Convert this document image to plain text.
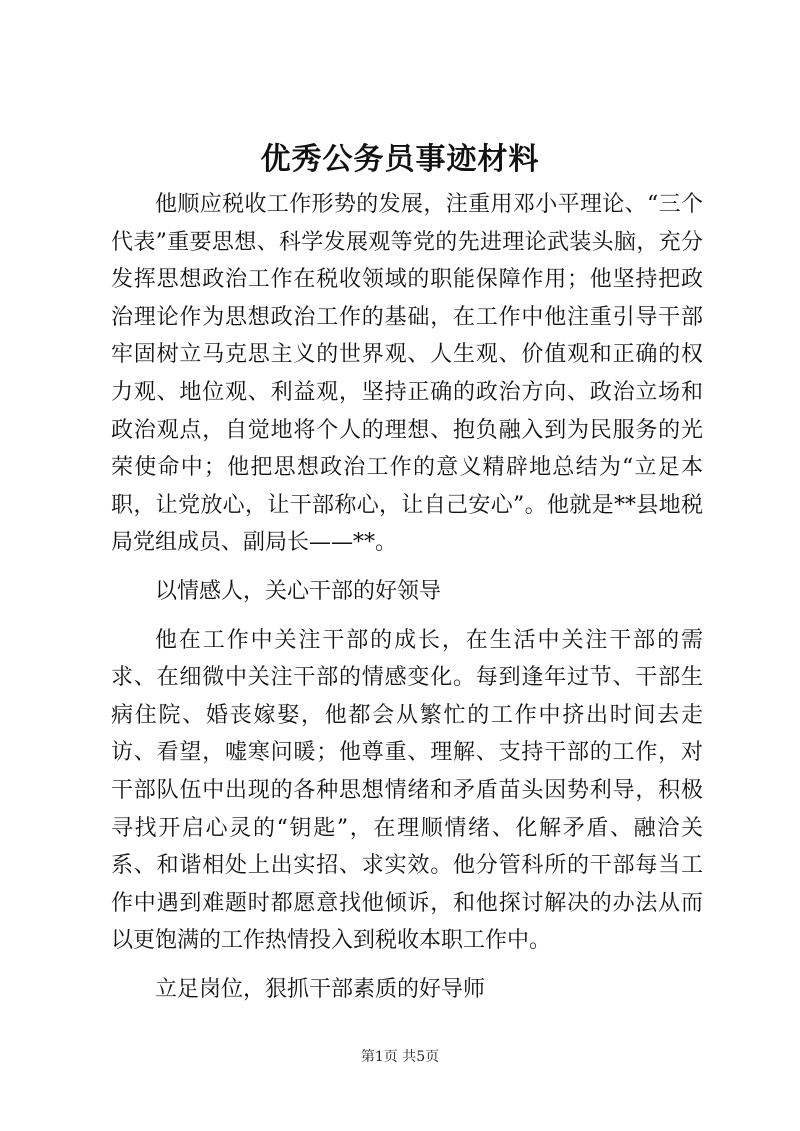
优秀公务员事迹材料

他顺应税收工作形势的发展，注重用邓小平理论、“三个代表”重要思想、科学发展观等党的先进理论武装头脑，充分发挥思想政治工作在税收领域的职能保障作用；他坚持把政治理论作为思想政治工作的基础，在工作中他注重引导干部牢固树立马克思主义的世界观、人生观、价值观和正确的权力观、地位观、利益观，坚持正确的政治方向、政治立场和政治观点，自觉地将个人的理想、抱负融入到为民服务的光荣使命中；他把思想政治工作的意义精辟地总结为“立足本职，让党放心，让干部称心，让自己安心”。他就是**县地税局党组成员、副局长——**。

以情感人，关心干部的好领导

他在工作中关注干部的成长，在生活中关注干部的需求、在细微中关注干部的情感变化。每到逢年过节、干部生病住院、婚丧嫁娶，他都会从繁忙的工作中挤出时间去走访、看望，嘘寒问暖；他尊重、理解、支持干部的工作，对干部队伍中出现的各种思想情绪和矛盾苗头因势利导，积极寻找开启心灵的“钥匙”，在理顺情绪、化解矛盾、融洽关系、和谐相处上出实招、求实效。他分管科所的干部每当工作中遇到难题时都愿意找他倾诉，和他探讨解决的办法从而以更饱满的工作热情投入到税收本职工作中。

立足岗位，狠抓干部素质的好导师

第1页 共5页
